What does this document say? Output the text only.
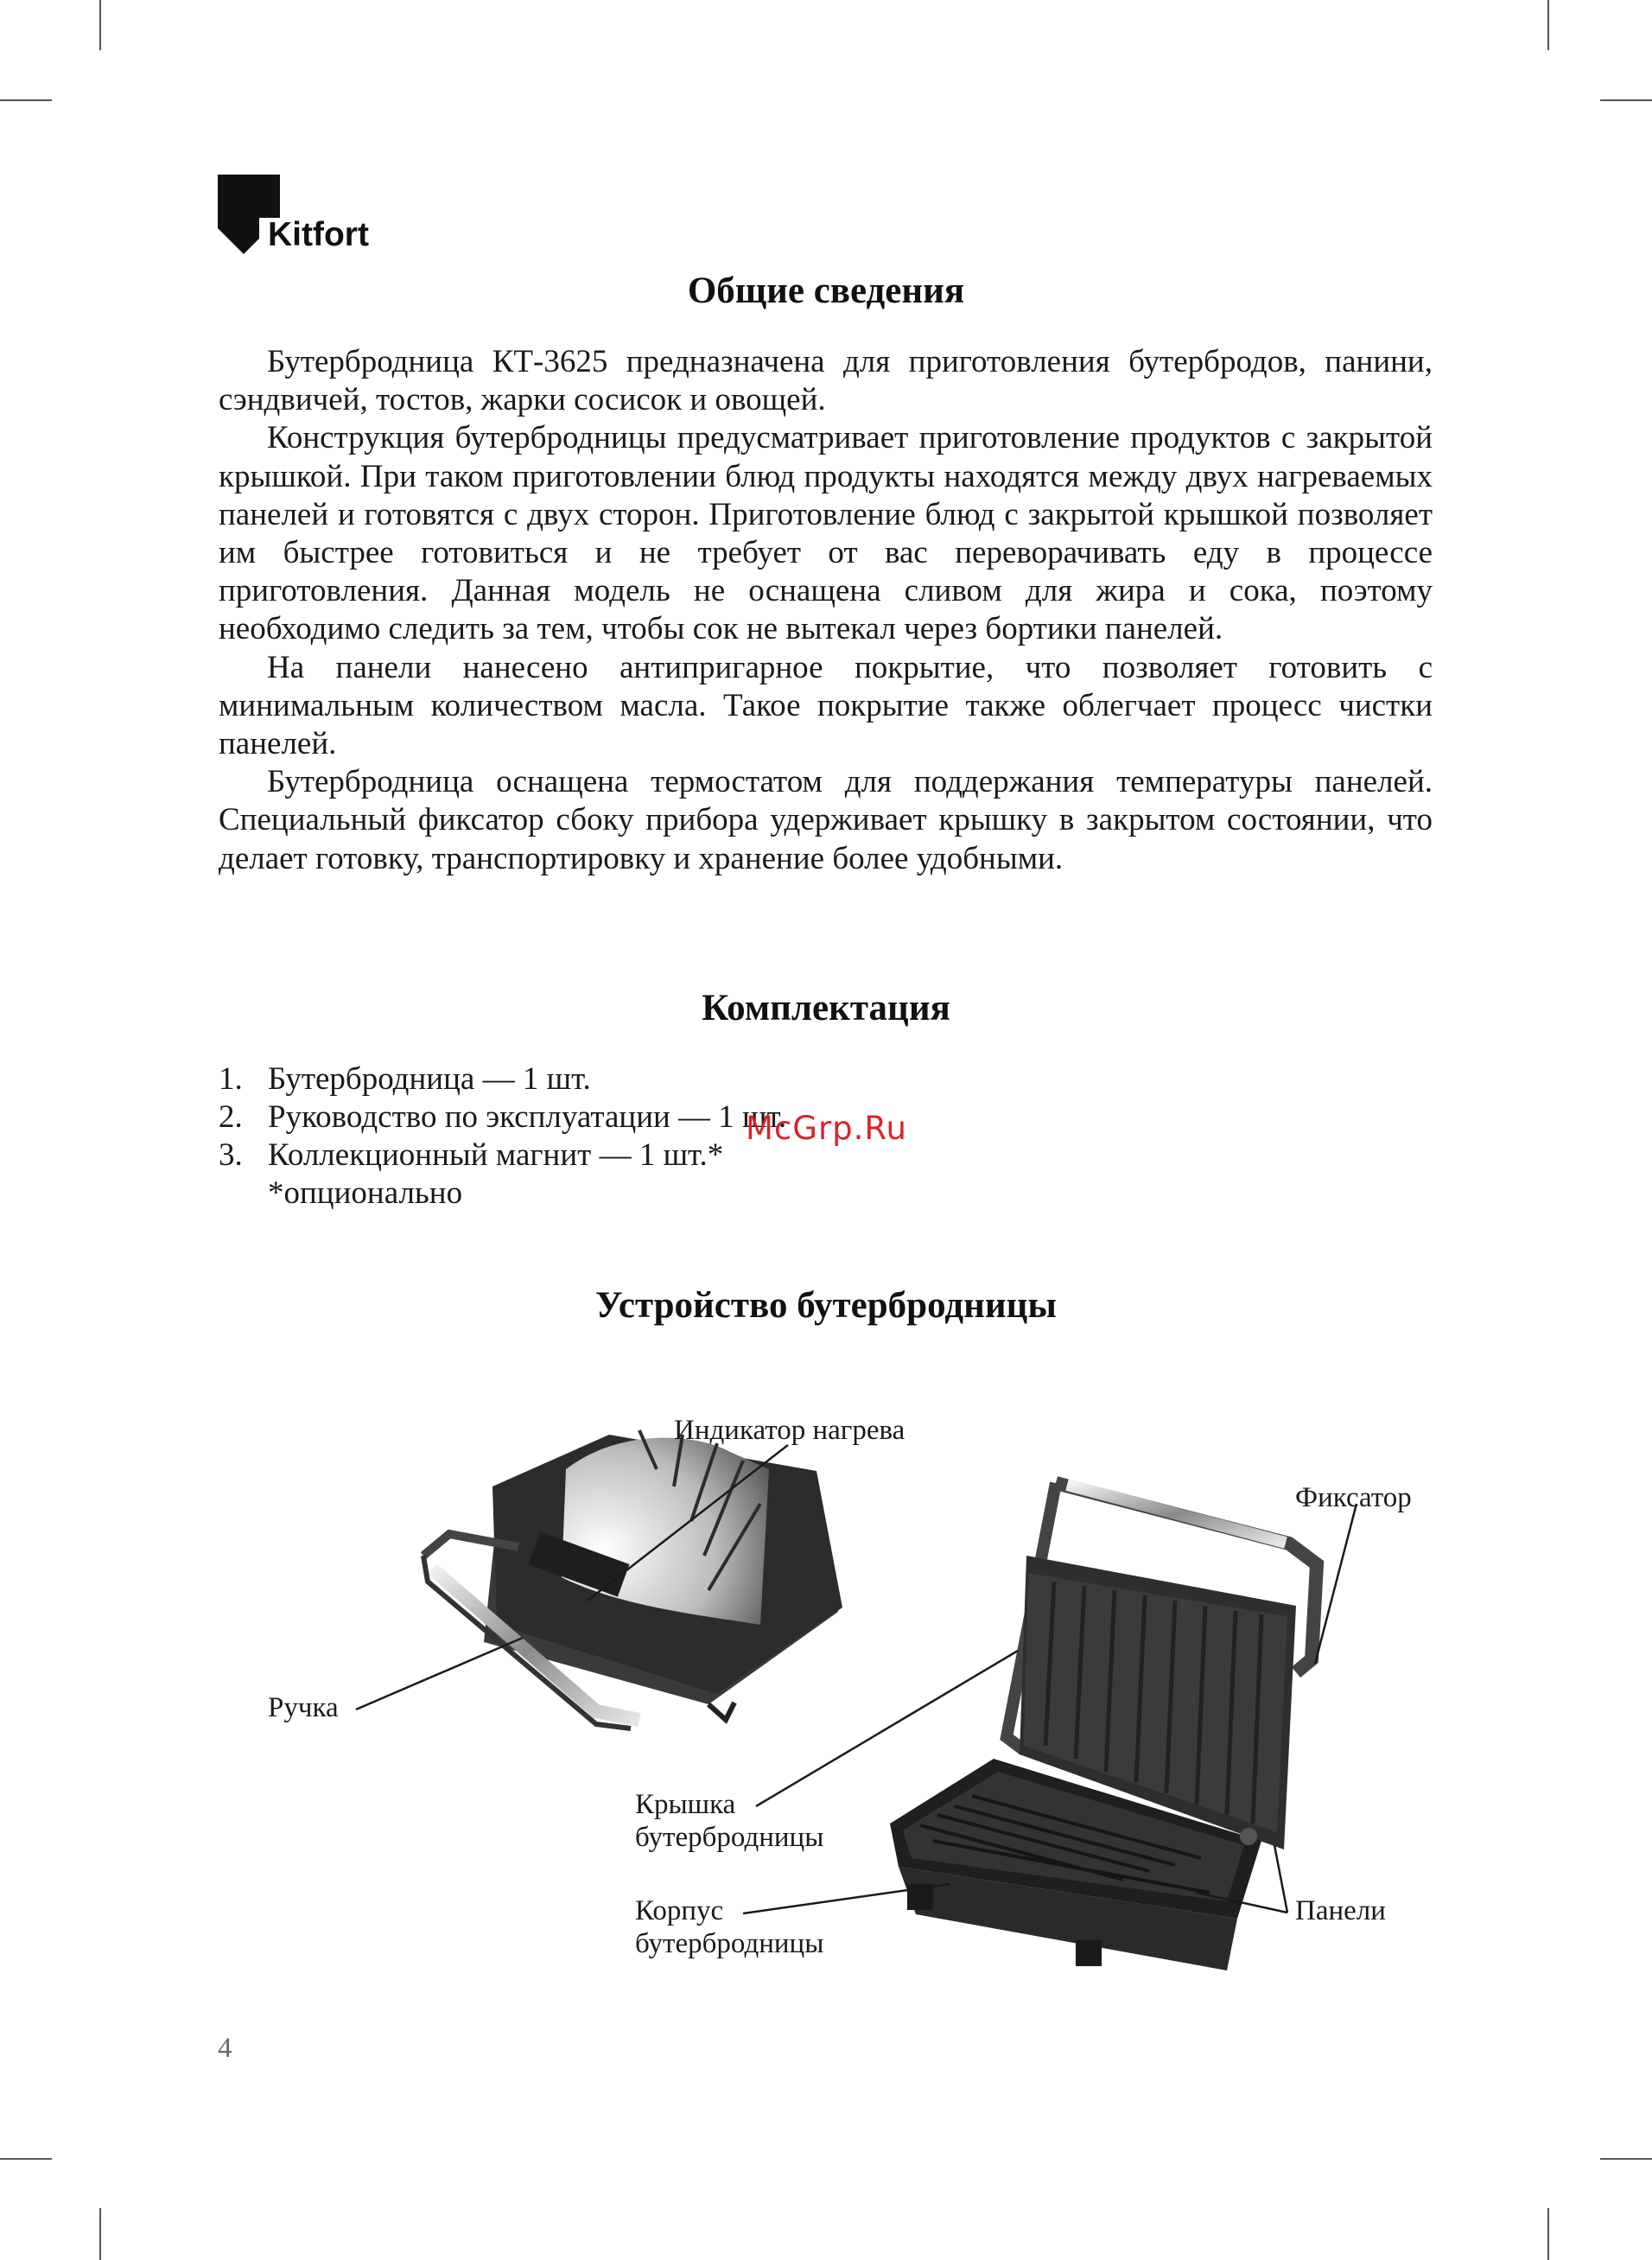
Kitfort
Общие сведения

Бутербродница КТ-3625 предназначена для приготовления бутербродов, панини, сэндвичей, тостов, жарки сосисок и овощей.

Конструкция бутербродницы предусматривает приготовление продуктов с закрытой крышкой. При таком приготовлении блюд продукты находятся между двух нагреваемых панелей и готовятся с двух сторон. Приготовление блюд с закрытой крышкой позволяет им быстрее готовиться и не требует от вас переворачивать еду в процессе приготовления. Данная модель не оснащена сливом для жира и сока, поэтому необходимо следить за тем, чтобы сок не вытекал через бортики панелей.

На панели нанесено антипригарное покрытие, что позволяет готовить с минимальным количеством масла. Такое покрытие также облегчает процесс чистки панелей.

Бутербродница оснащена термостатом для поддержания температуры панелей. Специальный фиксатор сбоку прибора удерживает крышку в закрытом состоянии, что делает готовку, транспортировку и хранение более удобными.

Комплектация
1. Бутербродница — 1 шт.
2. Руководство по эксплуатации — 1 шт.
3. Коллекционный магнит — 1 шт.*
*опционально
McGrp.Ru
Устройство бутербродницы
Индикатор нагрева
Фиксатор
Ручка
Крышка
бутербродницы
Корпус
бутербродницы
Панели
4
